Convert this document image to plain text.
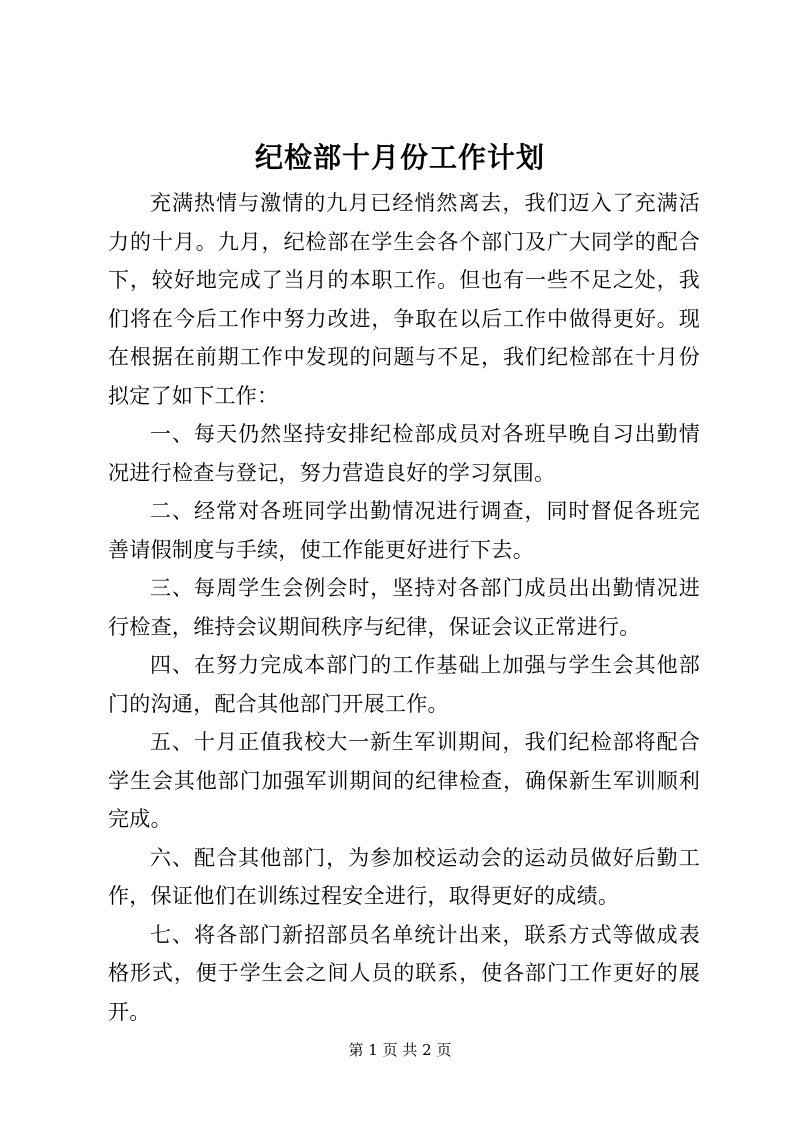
纪检部十月份工作计划

充满热情与激情的九月已经悄然离去，我们迈入了充满活力的十月。九月，纪检部在学生会各个部门及广大同学的配合下，较好地完成了当月的本职工作。但也有一些不足之处，我们将在今后工作中努力改进，争取在以后工作中做得更好。现在根据在前期工作中发现的问题与不足，我们纪检部在十月份拟定了如下工作：

一、每天仍然坚持安排纪检部成员对各班早晚自习出勤情况进行检查与登记，努力营造良好的学习氛围。

二、经常对各班同学出勤情况进行调查，同时督促各班完善请假制度与手续，使工作能更好进行下去。

三、每周学生会例会时，坚持对各部门成员出出勤情况进行检查，维持会议期间秩序与纪律，保证会议正常进行。

四、在努力完成本部门的工作基础上加强与学生会其他部门的沟通，配合其他部门开展工作。

五、十月正值我校大一新生军训期间，我们纪检部将配合学生会其他部门加强军训期间的纪律检查，确保新生军训顺利完成。

六、配合其他部门，为参加校运动会的运动员做好后勤工作，保证他们在训练过程安全进行，取得更好的成绩。

七、将各部门新招部员名单统计出来，联系方式等做成表格形式，便于学生会之间人员的联系，使各部门工作更好的展开。

第 1 页 共 2 页
